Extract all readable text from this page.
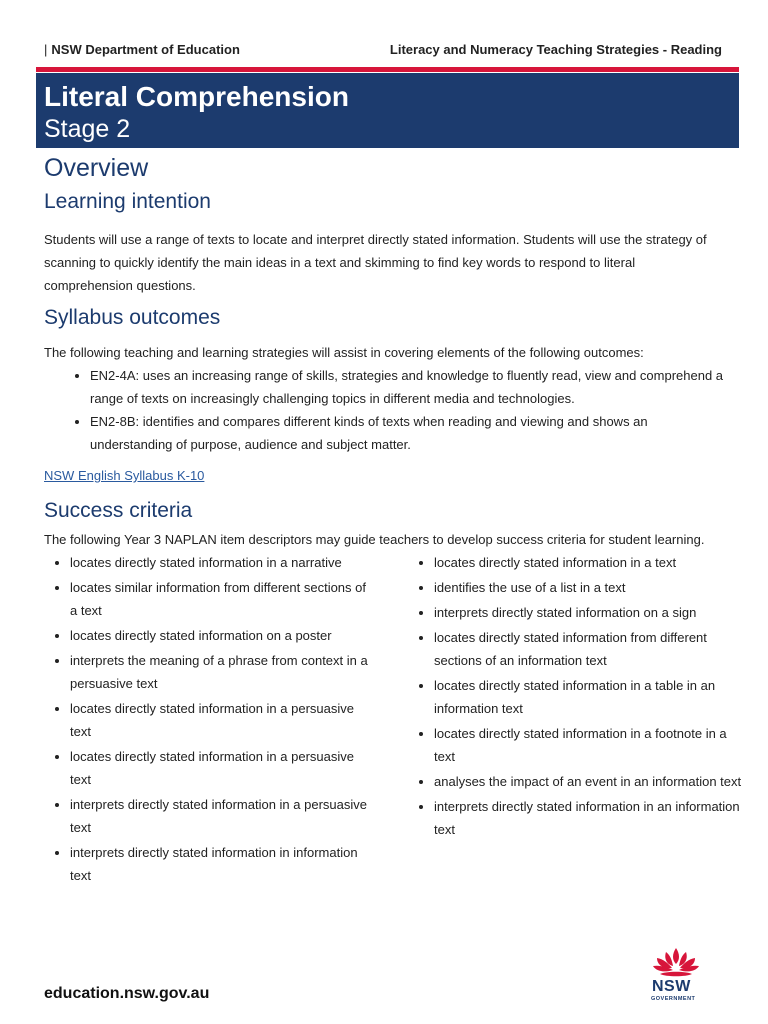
| NSW Department of Education	Literacy and Numeracy Teaching Strategies - Reading
Literal Comprehension
Stage 2
Overview
Learning intention

Students will use a range of texts to locate and interpret directly stated information. Students will use the strategy of scanning to quickly identify the main ideas in a text and skimming to find key words to respond to literal comprehension questions.

Syllabus outcomes

The following teaching and learning strategies will assist in covering elements of the following outcomes:

• EN2-4A: uses an increasing range of skills, strategies and knowledge to fluently read, view and comprehend a range of texts on increasingly challenging topics in different media and technologies.
• EN2-8B: identifies and compares different kinds of texts when reading and viewing and shows an understanding of purpose, audience and subject matter.
NSW English Syllabus K-10
Success criteria

The following Year 3 NAPLAN item descriptors may guide teachers to develop success criteria for student learning.

• locates directly stated information in a narrative
• locates similar information from different sections of a text
• locates directly stated information on a poster
• interprets the meaning of a phrase from context in a persuasive text
• locates directly stated information in a persuasive text
• locates directly stated information in a persuasive text
• interprets directly stated information in a persuasive text
• interprets directly stated information in information text
• locates directly stated information in a text
• identifies the use of a list in a text
• interprets directly stated information on a sign
• locates directly stated information from different sections of an information text
• locates directly stated information in a table in an information text
• locates directly stated information in a footnote in a text
• analyses the impact of an event in an information text
• interprets directly stated information in an information text
education.nsw.gov.au	NSW
GOVERNMENT
